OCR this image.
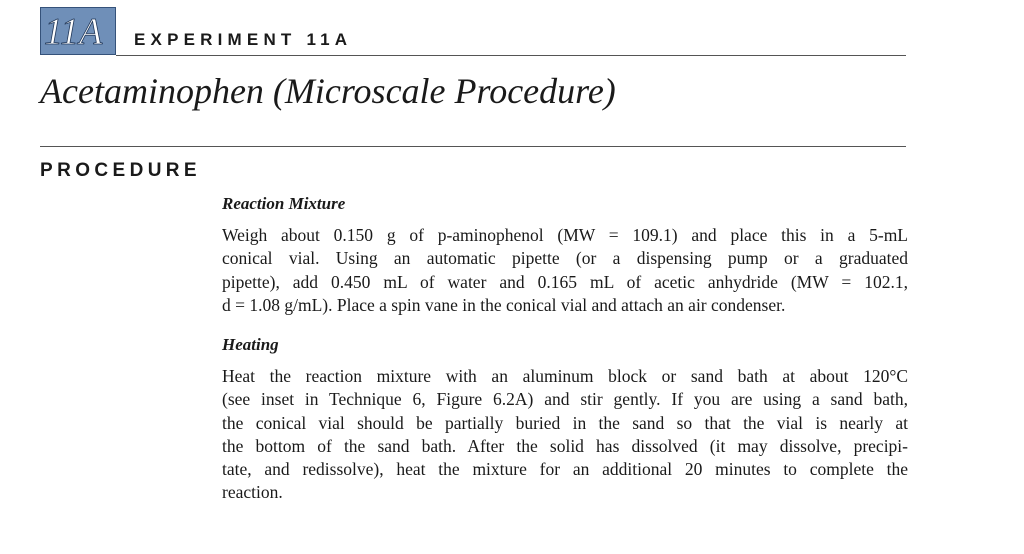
11A EXPERIMENT 11A
Acetaminophen (Microscale Procedure)
PROCEDURE
Reaction Mixture

Weigh about 0.150 g of p-aminophenol (MW = 109.1) and place this in a 5-mL
conical vial. Using an automatic pipette (or a dispensing pump or a graduated
pipette), add 0.450 mL of water and 0.165 mL of acetic anhydride (MW = 102.1,
d = 1.08 g/mL). Place a spin vane in the conical vial and attach an air condenser.

Heating

Heat the reaction mixture with an aluminum block or sand bath at about 120°C
(see inset in Technique 6, Figure 6.2A) and stir gently. If you are using a sand bath,
the conical vial should be partially buried in the sand so that the vial is nearly at
the bottom of the sand bath. After the solid has dissolved (it may dissolve, precipi-
tate, and redissolve), heat the mixture for an additional 20 minutes to complete the
reaction.
